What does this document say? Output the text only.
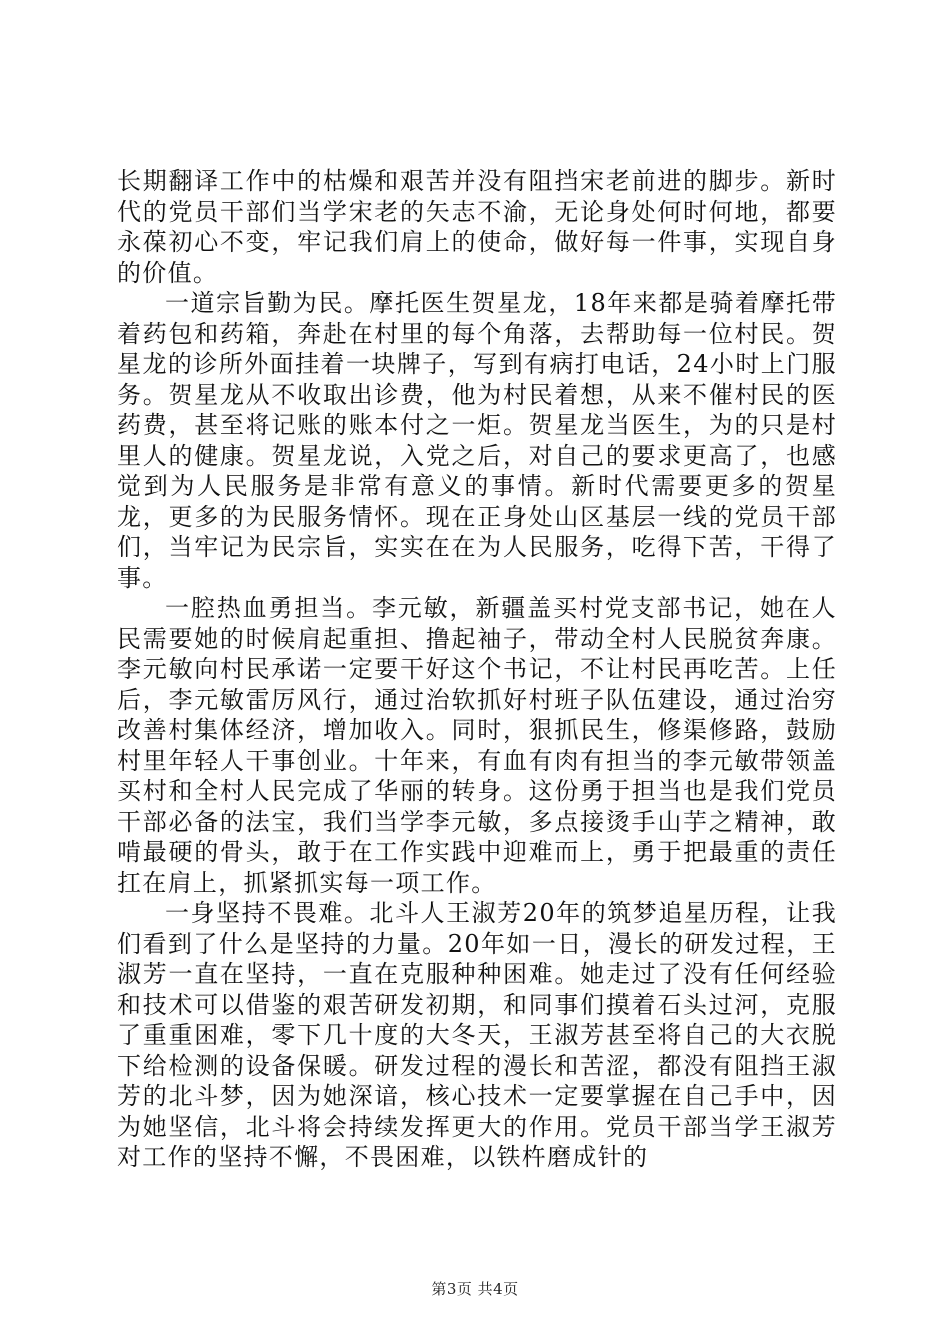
长期翻译工作中的枯燥和艰苦并没有阻挡宋老前进的脚步。新时代的党员干部们当学宋老的矢志不渝，无论身处何时何地，都要永葆初心不变，牢记我们肩上的使命，做好每一件事，实现自身的价值。

一道宗旨勤为民。摩托医生贺星龙，18年来都是骑着摩托带着药包和药箱，奔赴在村里的每个角落，去帮助每一位村民。贺星龙的诊所外面挂着一块牌子，写到有病打电话，24小时上门服务。贺星龙从不收取出诊费，他为村民着想，从来不催村民的医药费，甚至将记账的账本付之一炬。贺星龙当医生，为的只是村里人的健康。贺星龙说，入党之后，对自己的要求更高了，也感觉到为人民服务是非常有意义的事情。新时代需要更多的贺星龙，更多的为民服务情怀。现在正身处山区基层一线的党员干部们，当牢记为民宗旨，实实在在为人民服务，吃得下苦，干得了事。

一腔热血勇担当。李元敏，新疆盖买村党支部书记，她在人民需要她的时候肩起重担、撸起袖子，带动全村人民脱贫奔康。李元敏向村民承诺一定要干好这个书记，不让村民再吃苦。上任后，李元敏雷厉风行，通过治软抓好村班子队伍建设，通过治穷改善村集体经济，增加收入。同时，狠抓民生，修渠修路，鼓励村里年轻人干事创业。十年来，有血有肉有担当的李元敏带领盖买村和全村人民完成了华丽的转身。这份勇于担当也是我们党员干部必备的法宝，我们当学李元敏，多点接烫手山芋之精神，敢啃最硬的骨头，敢于在工作实践中迎难而上，勇于把最重的责任扛在肩上，抓紧抓实每一项工作。

一身坚持不畏难。北斗人王淑芳20年的筑梦追星历程，让我们看到了什么是坚持的力量。20年如一日，漫长的研发过程，王淑芳一直在坚持，一直在克服种种困难。她走过了没有任何经验和技术可以借鉴的艰苦研发初期，和同事们摸着石头过河，克服了重重困难，零下几十度的大冬天，王淑芳甚至将自己的大衣脱下给检测的设备保暖。研发过程的漫长和苦涩，都没有阻挡王淑芳的北斗梦，因为她深谙，核心技术一定要掌握在自己手中，因为她坚信，北斗将会持续发挥更大的作用。党员干部当学王淑芳对工作的坚持不懈，不畏困难，以铁杵磨成针的

第3页 共4页
